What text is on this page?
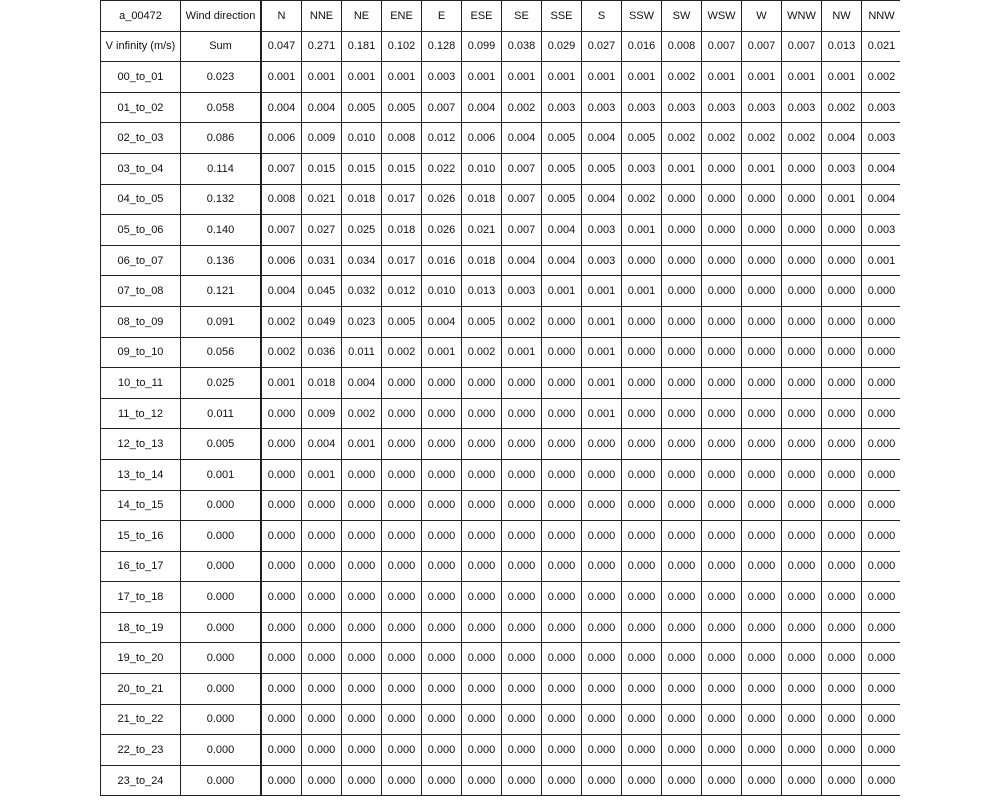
a_00472	Wind direction	N	NNE	NE	ENE	E	ESE	SE	SSE	S	SSW	SW	WSW	W	WNW	NW	NNW
V infinity (m/s)	Sum	0.047	0.271	0.181	0.102	0.128	0.099	0.038	0.029	0.027	0.016	0.008	0.007	0.007	0.007	0.013	0.021
00_to_01	0.023	0.001	0.001	0.001	0.001	0.003	0.001	0.001	0.001	0.001	0.001	0.002	0.001	0.001	0.001	0.001	0.002
01_to_02	0.058	0.004	0.004	0.005	0.005	0.007	0.004	0.002	0.003	0.003	0.003	0.003	0.003	0.003	0.003	0.002	0.003
02_to_03	0.086	0.006	0.009	0.010	0.008	0.012	0.006	0.004	0.005	0.004	0.005	0.002	0.002	0.002	0.002	0.004	0.003
03_to_04	0.114	0.007	0.015	0.015	0.015	0.022	0.010	0.007	0.005	0.005	0.003	0.001	0.000	0.001	0.000	0.003	0.004
04_to_05	0.132	0.008	0.021	0.018	0.017	0.026	0.018	0.007	0.005	0.004	0.002	0.000	0.000	0.000	0.000	0.001	0.004
05_to_06	0.140	0.007	0.027	0.025	0.018	0.026	0.021	0.007	0.004	0.003	0.001	0.000	0.000	0.000	0.000	0.000	0.003
06_to_07	0.136	0.006	0.031	0.034	0.017	0.016	0.018	0.004	0.004	0.003	0.000	0.000	0.000	0.000	0.000	0.000	0.001
07_to_08	0.121	0.004	0.045	0.032	0.012	0.010	0.013	0.003	0.001	0.001	0.001	0.000	0.000	0.000	0.000	0.000	0.000
08_to_09	0.091	0.002	0.049	0.023	0.005	0.004	0.005	0.002	0.000	0.001	0.000	0.000	0.000	0.000	0.000	0.000	0.000
09_to_10	0.056	0.002	0.036	0.011	0.002	0.001	0.002	0.001	0.000	0.001	0.000	0.000	0.000	0.000	0.000	0.000	0.000
10_to_11	0.025	0.001	0.018	0.004	0.000	0.000	0.000	0.000	0.000	0.001	0.000	0.000	0.000	0.000	0.000	0.000	0.000
11_to_12	0.011	0.000	0.009	0.002	0.000	0.000	0.000	0.000	0.000	0.001	0.000	0.000	0.000	0.000	0.000	0.000	0.000
12_to_13	0.005	0.000	0.004	0.001	0.000	0.000	0.000	0.000	0.000	0.000	0.000	0.000	0.000	0.000	0.000	0.000	0.000
13_to_14	0.001	0.000	0.001	0.000	0.000	0.000	0.000	0.000	0.000	0.000	0.000	0.000	0.000	0.000	0.000	0.000	0.000
14_to_15	0.000	0.000	0.000	0.000	0.000	0.000	0.000	0.000	0.000	0.000	0.000	0.000	0.000	0.000	0.000	0.000	0.000
15_to_16	0.000	0.000	0.000	0.000	0.000	0.000	0.000	0.000	0.000	0.000	0.000	0.000	0.000	0.000	0.000	0.000	0.000
16_to_17	0.000	0.000	0.000	0.000	0.000	0.000	0.000	0.000	0.000	0.000	0.000	0.000	0.000	0.000	0.000	0.000	0.000
17_to_18	0.000	0.000	0.000	0.000	0.000	0.000	0.000	0.000	0.000	0.000	0.000	0.000	0.000	0.000	0.000	0.000	0.000
18_to_19	0.000	0.000	0.000	0.000	0.000	0.000	0.000	0.000	0.000	0.000	0.000	0.000	0.000	0.000	0.000	0.000	0.000
19_to_20	0.000	0.000	0.000	0.000	0.000	0.000	0.000	0.000	0.000	0.000	0.000	0.000	0.000	0.000	0.000	0.000	0.000
20_to_21	0.000	0.000	0.000	0.000	0.000	0.000	0.000	0.000	0.000	0.000	0.000	0.000	0.000	0.000	0.000	0.000	0.000
21_to_22	0.000	0.000	0.000	0.000	0.000	0.000	0.000	0.000	0.000	0.000	0.000	0.000	0.000	0.000	0.000	0.000	0.000
22_to_23	0.000	0.000	0.000	0.000	0.000	0.000	0.000	0.000	0.000	0.000	0.000	0.000	0.000	0.000	0.000	0.000	0.000
23_to_24	0.000	0.000	0.000	0.000	0.000	0.000	0.000	0.000	0.000	0.000	0.000	0.000	0.000	0.000	0.000	0.000	0.000
